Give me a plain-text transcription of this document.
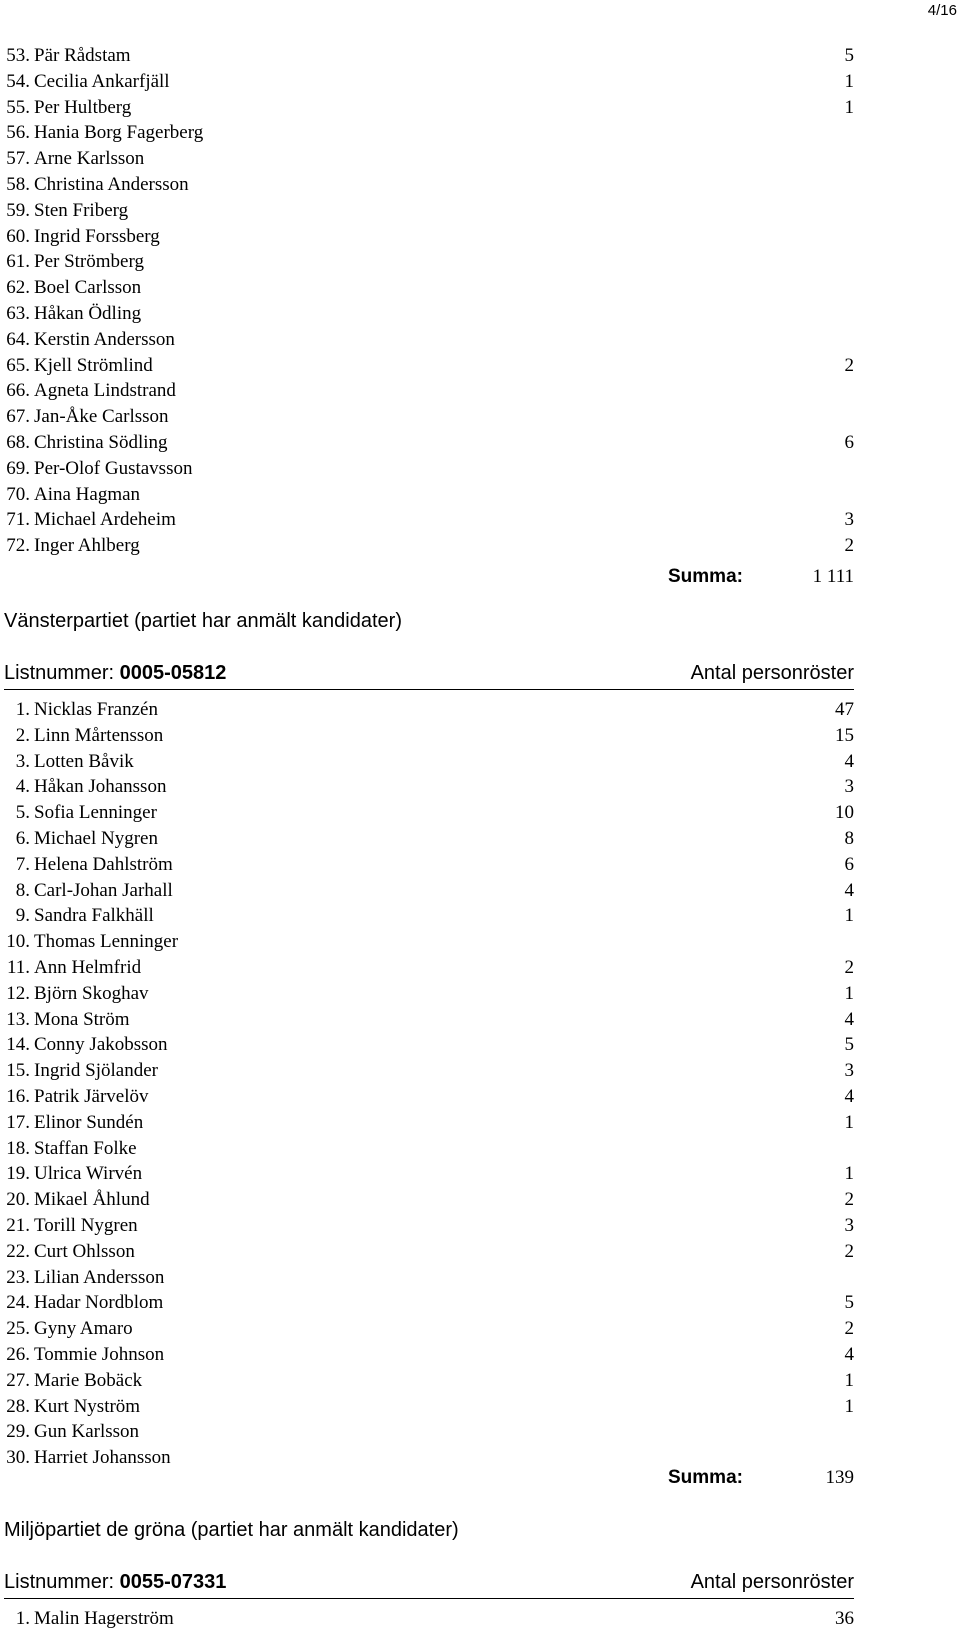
4/16
53. Pär Rådstam	5
54. Cecilia Ankarfjäll	1
55. Per Hultberg	1
56. Hania Borg Fagerberg
57. Arne Karlsson
58. Christina Andersson
59. Sten Friberg
60. Ingrid Forssberg
61. Per Strömberg
62. Boel Carlsson
63. Håkan Ödling
64. Kerstin Andersson
65. Kjell Strömlind	2
66. Agneta Lindstrand
67. Jan-Åke Carlsson
68. Christina Södling	6
69. Per-Olof Gustavsson
70. Aina Hagman
71. Michael Ardeheim	3
72. Inger Ahlberg	2
Summa:	1 111
Vänsterpartiet (partiet har anmält kandidater)
Listnummer: 0005-05812	Antal personröster
1. Nicklas Franzén	47
2. Linn Mårtensson	15
3. Lotten Båvik	4
4. Håkan Johansson	3
5. Sofia Lenninger	10
6. Michael Nygren	8
7. Helena Dahlström	6
8. Carl-Johan Jarhall	4
9. Sandra Falkhäll	1
10. Thomas Lenninger
11. Ann Helmfrid	2
12. Björn Skoghav	1
13. Mona Ström	4
14. Conny Jakobsson	5
15. Ingrid Sjölander	3
16. Patrik Järvelöv	4
17. Elinor Sundén	1
18. Staffan Folke
19. Ulrica Wirvén	1
20. Mikael Åhlund	2
21. Torill Nygren	3
22. Curt Ohlsson	2
23. Lilian Andersson
24. Hadar Nordblom	5
25. Gyny Amaro	2
26. Tommie Johnson	4
27. Marie Bobäck	1
28. Kurt Nyström	1
29. Gun Karlsson
30. Harriet Johansson
Summa:	139
Miljöpartiet de gröna (partiet har anmält kandidater)
Listnummer: 0055-07331	Antal personröster
1. Malin Hagerström	36
